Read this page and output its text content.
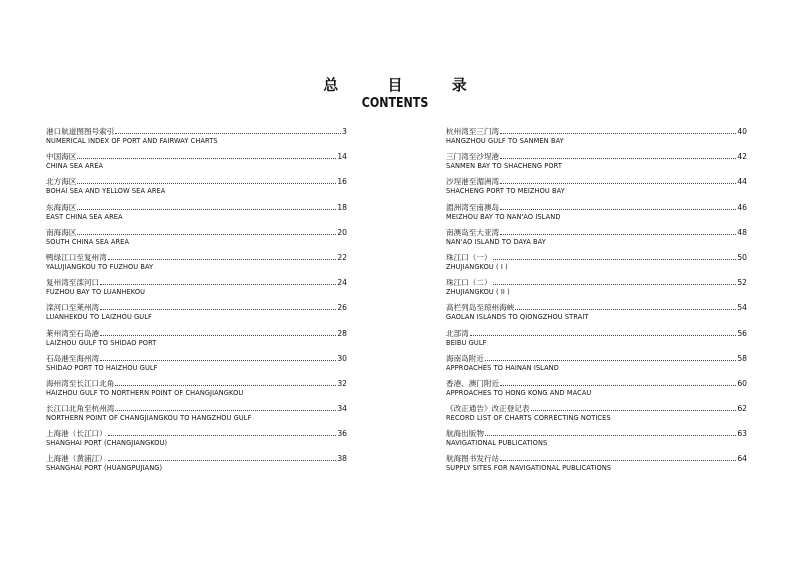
总 目 录
CONTENTS
港口航道图图号索引	3
NUMERICAL INDEX OF PORT AND FAIRWAY CHARTS
中国海区	14
CHINA SEA AREA
北方海区	16
BOHAI SEA AND YELLOW SEA AREA
东海海区	18
EAST CHINA SEA AREA
南海海区	20
SOUTH CHINA SEA AREA
鸭绿江口至复州湾	22
YALUJIANGKOU TO FUZHOU BAY
复州湾至滦河口	24
FUZHOU BAY TO LUANHEKOU
滦河口至莱州湾	26
LUANHEKOU TO LAIZHOU GULF
莱州湾至石岛港	28
LAIZHOU GULF TO SHIDAO PORT
石岛港至海州湾	30
SHIDAO PORT TO HAIZHOU GULF
海州湾至长江口北角	32
HAIZHOU GULF TO NORTHERN POINT OF CHANGJIANGKOU
长江口北角至杭州湾	34
NORTHERN POINT OF CHANGJIANGKOU TO HANGZHOU GULF
上海港（长江口）	36
SHANGHAI PORT (CHANGJIANGKOU)
上海港（黄浦江）	38
SHANGHAI PORT (HUANGPUJIANG)
杭州湾至三门湾	40
HANGZHOU GULF TO SANMEN BAY
三门湾至沙埕港	42
SANMEN BAY TO SHACHENG PORT
沙埕港至湄洲湾	44
SHACHENG PORT TO MEIZHOU BAY
湄洲湾至南澳岛	46
MEIZHOU BAY TO NAN'AO ISLAND
南澳岛至大亚湾	48
NAN'AO ISLAND TO DAYA BAY
珠江口（一）	50
ZHUJIANGKOU ( I )
珠江口（二）	52
ZHUJIANGKOU ( II )
高栏列岛至琼州海峡	54
GAOLAN ISLANDS TO QIONGZHOU STRAIT
北部湾	56
BEIBU GULF
海南岛附近	58
APPROACHES TO HAINAN ISLAND
香港、澳门附近	60
APPROACHES TO HONG KONG AND MACAU
《改正通告》改正登记表	62
RECORD LIST OF CHARTS CORRECTING NOTICES
航海出版物	63
NAVIGATIONAL PUBLICATIONS
航海图书发行站	64
SUPPLY SITES FOR NAVIGATIONAL PUBLICATIONS
